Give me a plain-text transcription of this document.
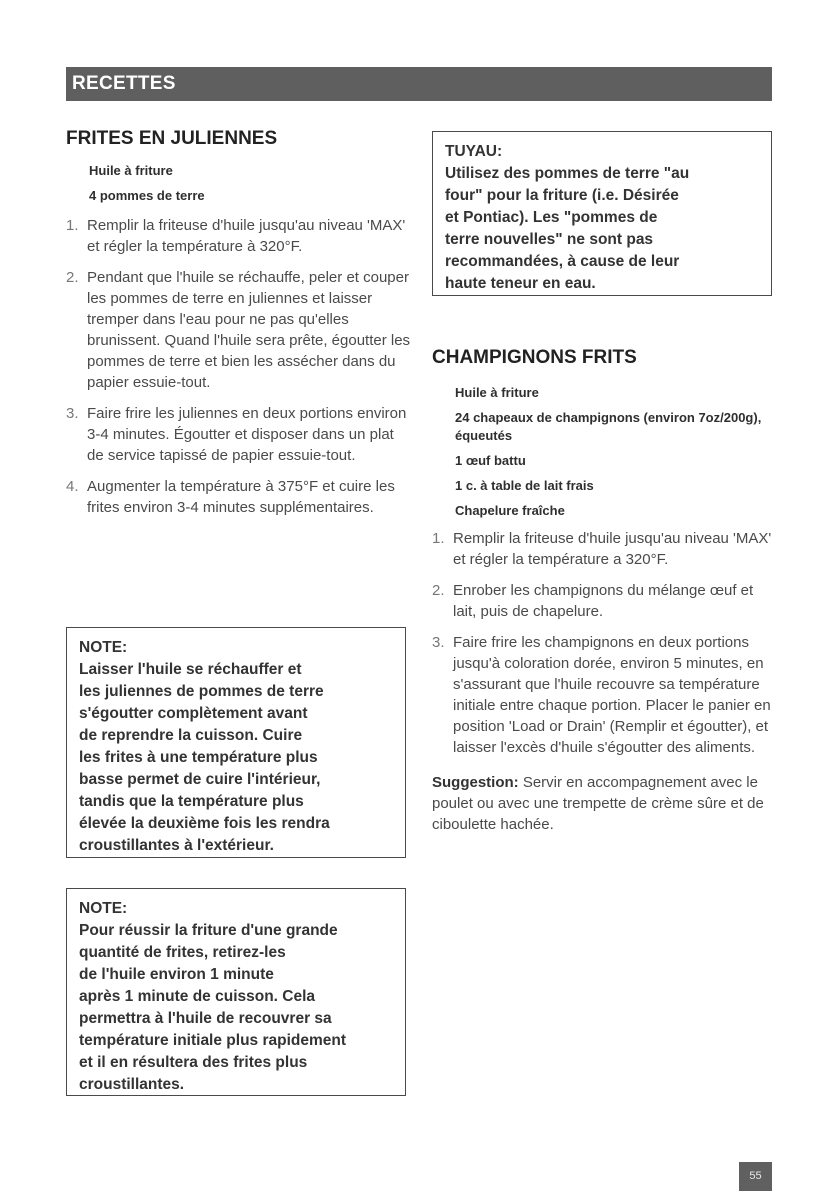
RECETTES
FRITES EN JULIENNES
Huile à friture
4 pommes de terre
1. Remplir la friteuse d'huile jusqu'au niveau 'MAX' et régler la température à 320°F.
2. Pendant que l'huile se réchauffe, peler et couper les pommes de terre en juliennes et laisser tremper dans l'eau pour ne pas qu'elles brunissent. Quand l'huile sera prête, égoutter les pommes de terre et bien les assécher dans du papier essuie-tout.
3. Faire frire les juliennes en deux portions environ 3-4 minutes. Égoutter et disposer dans un plat de service tapissé de papier essuie-tout.
4. Augmenter la température à 375°F et cuire les frites environ 3-4 minutes supplémentaires.

NOTE:

Laisser l'huile se réchauffer et

les juliennes de pommes de terre

s'égoutter complètement avant

de reprendre la cuisson. Cuire

les frites à une température plus

basse permet de cuire l'intérieur,

tandis que la température plus

élevée la deuxième fois les rendra

croustillantes à l'extérieur.

NOTE:

Pour réussir la friture d'une grande

quantité de frites, retirez-les

de l'huile environ 1 minute

après 1 minute de cuisson. Cela

permettra à l'huile de recouvrer sa

température initiale plus rapidement

et il en résultera des frites plus

croustillantes.

TUYAU:

Utilisez des pommes de terre "au

four" pour la friture (i.e. Désirée

et Pontiac). Les "pommes de

terre nouvelles" ne sont pas

recommandées, à cause de leur

haute teneur en eau.

CHAMPIGNONS FRITS
Huile à friture
24 chapeaux de champignons (environ 7oz/200g), équeutés
1 œuf battu
1 c. à table de lait frais
Chapelure fraîche
1. Remplir la friteuse d'huile jusqu'au niveau 'MAX' et régler la température a 320°F.
2. Enrober les champignons du mélange œuf et lait, puis de chapelure.
3. Faire frire les champignons en deux portions jusqu'à coloration dorée, environ 5 minutes, en s'assurant que l'huile recouvre sa température initiale entre chaque portion. Placer le panier en position 'Load or Drain' (Remplir et égoutter), et laisser l'excès d'huile s'égoutter des aliments.

Suggestion: Servir en accompagnement avec le poulet ou avec une trempette de crème sûre et de ciboulette hachée.

55
